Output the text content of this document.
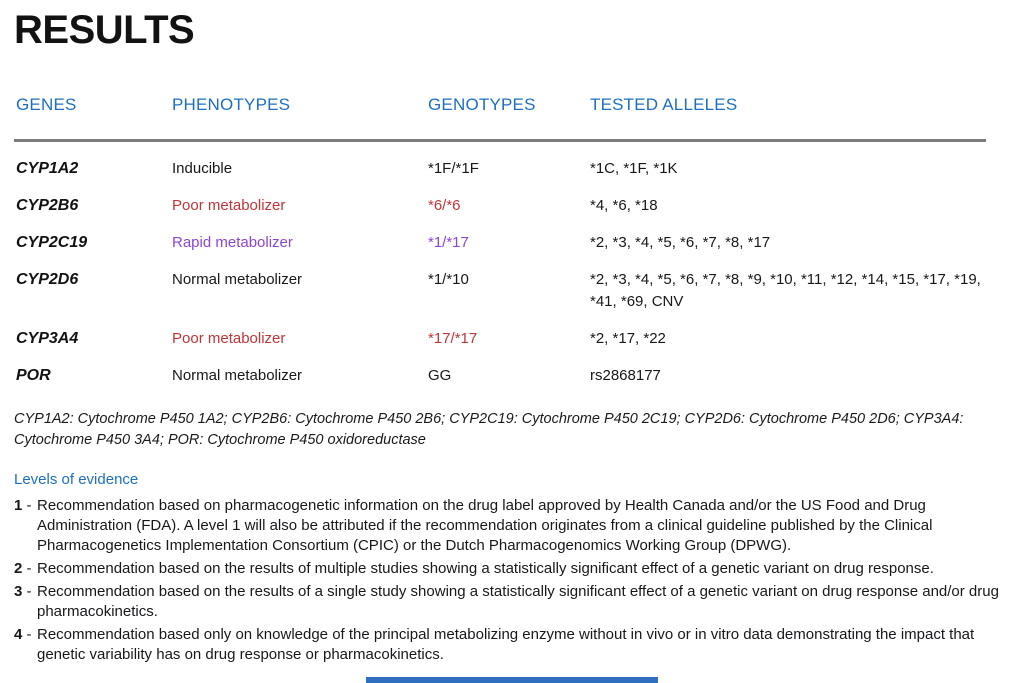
RESULTS
GENES	PHENOTYPES	GENOTYPES	TESTED ALLELES
CYP1A2	Inducible	*1F/*1F	*1C, *1F, *1K
CYP2B6	Poor metabolizer	*6/*6	*4, *6, *18
CYP2C19	Rapid metabolizer	*1/*17	*2, *3, *4, *5, *6, *7, *8, *17
CYP2D6	Normal metabolizer	*1/*10	*2, *3, *4, *5, *6, *7, *8, *9, *10, *11, *12, *14, *15, *17, *19, *41, *69, CNV
CYP3A4	Poor metabolizer	*17/*17	*2, *17, *22
POR	Normal metabolizer	GG	rs2868177

CYP1A2: Cytochrome P450 1A2; CYP2B6: Cytochrome P450 2B6; CYP2C19: Cytochrome P450 2C19; CYP2D6: Cytochrome P450 2D6; CYP3A4: Cytochrome P450 3A4; POR: Cytochrome P450 oxidoreductase

Levels of evidence

1 - Recommendation based on pharmacogenetic information on the drug label approved by Health Canada and/or the US Food and Drug Administration (FDA). A level 1 will also be attributed if the recommendation originates from a clinical guideline published by the Clinical Pharmacogenetics Implementation Consortium (CPIC) or the Dutch Pharmacogenomics Working Group (DPWG).
2 - Recommendation based on the results of multiple studies showing a statistically significant effect of a genetic variant on drug response.
3 - Recommendation based on the results of a single study showing a statistically significant effect of a genetic variant on drug response and/or drug pharmacokinetics.
4 - Recommendation based only on knowledge of the principal metabolizing enzyme without in vivo or in vitro data demonstrating the impact that genetic variability has on drug response or pharmacokinetics.
